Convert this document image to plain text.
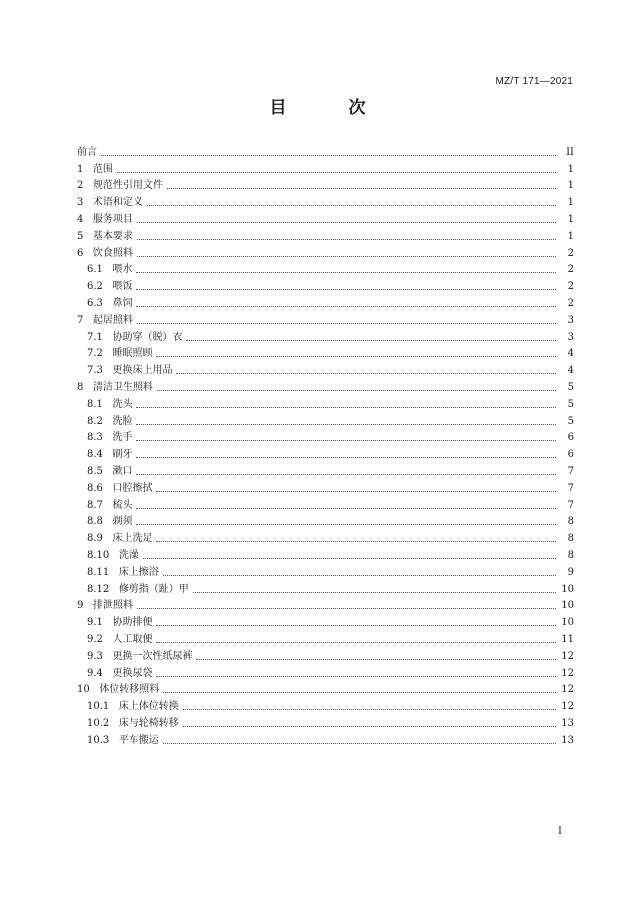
MZ/T 171—2021
目 次
前言	II
1 范围	1
2 规范性引用文件	1
3 术语和定义	1
4 服务项目	1
5 基本要求	1
6 饮食照料	2
6.1 喂水	2
6.2 喂饭	2
6.3 鼻饲	2
7 起居照料	3
7.1 协助穿（脱）衣	3
7.2 睡眠照顾	4
7.3 更换床上用品	4
8 清洁卫生照料	5
8.1 洗头	5
8.2 洗脸	5
8.3 洗手	6
8.4 刷牙	6
8.5 漱口	7
8.6 口腔擦拭	7
8.7 梳头	7
8.8 剃须	8
8.9 床上洗足	8
8.10 洗澡	8
8.11 床上擦浴	9
8.12 修剪指（趾）甲	10
9 排泄照料	10
9.1 协助排便	10
9.2 人工取便	11
9.3 更换一次性纸尿裤	12
9.4 更换尿袋	12
10 体位转移照料	12
10.1 床上体位转换	12
10.2 床与轮椅转移	13
10.3 平车搬运	13
I
